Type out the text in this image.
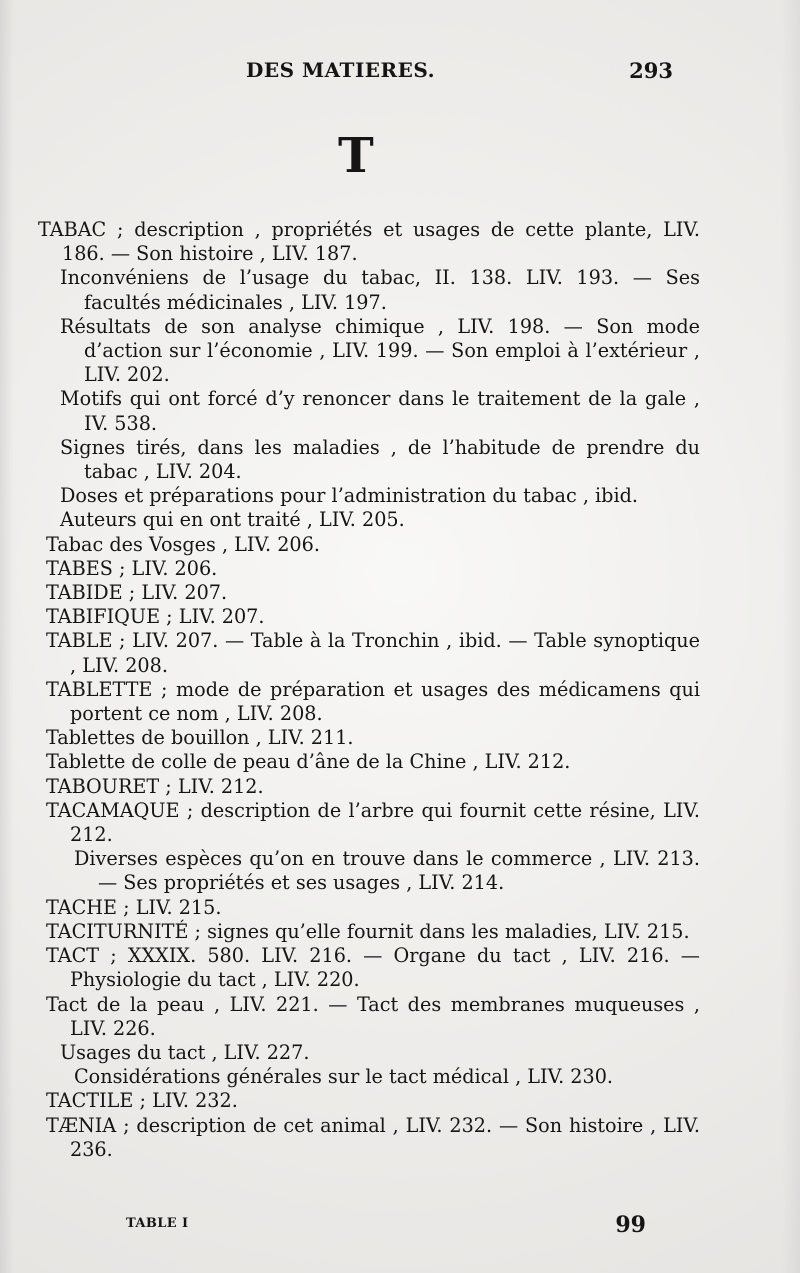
DES MATIERES.	293
T

TABAC ; description , propriétés et usages de cette plante, LIV. 186. — Son histoire , LIV. 187.

Inconvéniens de l’usage du tabac, II. 138. LIV. 193. — Ses facultés médicinales , LIV. 197.

Résultats de son analyse chimique , LIV. 198. — Son mode d’action sur l’économie , LIV. 199. — Son emploi à l’extérieur , LIV. 202.

Motifs qui ont forcé d’y renoncer dans le traitement de la gale , IV. 538.

Signes tirés, dans les maladies , de l’habitude de prendre du tabac , LIV. 204.

Doses et préparations pour l’administration du tabac , ibid.

Auteurs qui en ont traité , LIV. 205.

Tabac des Vosges , LIV. 206.

TABES ; LIV. 206.

TABIDE ; LIV. 207.

TABIFIQUE ; LIV. 207.

TABLE ; LIV. 207. — Table à la Tronchin , ibid. — Table synoptique , LIV. 208.

TABLETTE ; mode de préparation et usages des médicamens qui portent ce nom , LIV. 208.

Tablettes de bouillon , LIV. 211.

Tablette de colle de peau d’âne de la Chine , LIV. 212.

TABOURET ; LIV. 212.

TACAMAQUE ; description de l’arbre qui fournit cette résine, LIV. 212.

Diverses espèces qu’on en trouve dans le commerce , LIV. 213. — Ses propriétés et ses usages , LIV. 214.

TACHE ; LIV. 215.

TACITURNITÉ ; signes qu’elle fournit dans les maladies, LIV. 215.

TACT ; XXXIX. 580. LIV. 216. — Organe du tact , LIV. 216. — Physiologie du tact , LIV. 220.

Tact de la peau , LIV. 221. — Tact des membranes muqueuses , LIV. 226.

Usages du tact , LIV. 227.

Considérations générales sur le tact médical , LIV. 230.

TACTILE ; LIV. 232.

TÆNIA ; description de cet animal , LIV. 232. — Son histoire , LIV. 236.

TABLE I	99
